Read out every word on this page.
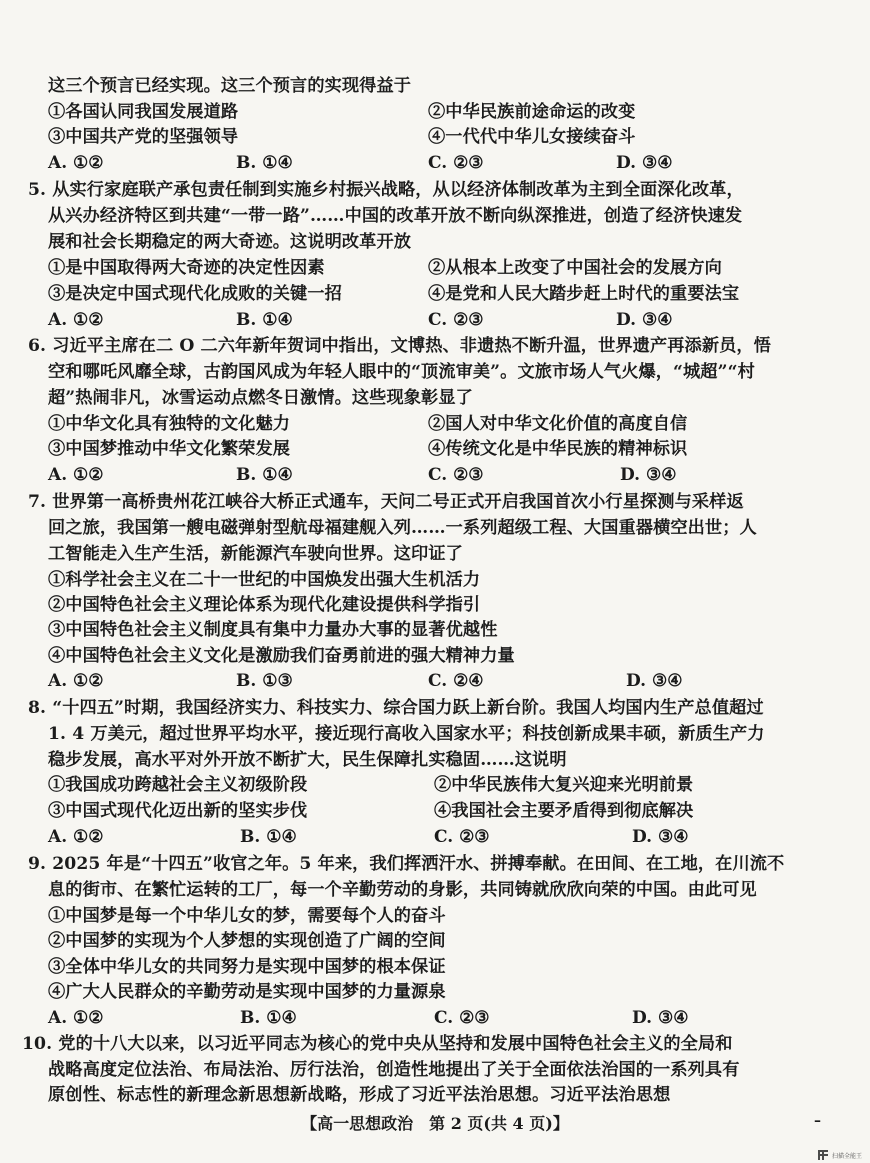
这三个预言已经实现。这三个预言的实现得益于
①各国认同我国发展道路	②中华民族前途命运的改变
③中国共产党的坚强领导	④一代代中华儿女接续奋斗
A. ①②	B. ①④	C. ②③	D. ③④
5. 从实行家庭联产承包责任制到实施乡村振兴战略，从以经济体制改革为主到全面深化改革，
从兴办经济特区到共建“一带一路”……中国的改革开放不断向纵深推进，创造了经济快速发
展和社会长期稳定的两大奇迹。这说明改革开放
①是中国取得两大奇迹的决定性因素	②从根本上改变了中国社会的发展方向
③是决定中国式现代化成败的关键一招	④是党和人民大踏步赶上时代的重要法宝
A. ①②	B. ①④	C. ②③	D. ③④
6. 习近平主席在二 O 二六年新年贺词中指出，文博热、非遗热不断升温，世界遗产再添新员，悟
空和哪吒风靡全球，古韵国风成为年轻人眼中的“顶流审美”。文旅市场人气火爆，“城超”“村
超”热闹非凡，冰雪运动点燃冬日激情。这些现象彰显了
①中华文化具有独特的文化魅力	②国人对中华文化价值的高度自信
③中国梦推动中华文化繁荣发展	④传统文化是中华民族的精神标识
A. ①②	B. ①④	C. ②③	D. ③④
7. 世界第一高桥贵州花江峡谷大桥正式通车，天问二号正式开启我国首次小行星探测与采样返
回之旅，我国第一艘电磁弹射型航母福建舰入列……一系列超级工程、大国重器横空出世；人
工智能走入生产生活，新能源汽车驶向世界。这印证了
①科学社会主义在二十一世纪的中国焕发出强大生机活力
②中国特色社会主义理论体系为现代化建设提供科学指引
③中国特色社会主义制度具有集中力量办大事的显著优越性
④中国特色社会主义文化是激励我们奋勇前进的强大精神力量
A. ①②	B. ①③	C. ②④	D. ③④
8. “十四五”时期，我国经济实力、科技实力、综合国力跃上新台阶。我国人均国内生产总值超过
1. 4 万美元，超过世界平均水平，接近现行高收入国家水平；科技创新成果丰硕，新质生产力
稳步发展，高水平对外开放不断扩大，民生保障扎实稳固……这说明
①我国成功跨越社会主义初级阶段	②中华民族伟大复兴迎来光明前景
③中国式现代化迈出新的坚实步伐	④我国社会主要矛盾得到彻底解决
A. ①②	B. ①④	C. ②③	D. ③④
9. 2025 年是“十四五”收官之年。5 年来，我们挥洒汗水、拼搏奉献。在田间、在工地，在川流不
息的街市、在繁忙运转的工厂，每一个辛勤劳动的身影，共同铸就欣欣向荣的中国。由此可见
①中国梦是每一个中华儿女的梦，需要每个人的奋斗
②中国梦的实现为个人梦想的实现创造了广阔的空间
③全体中华儿女的共同努力是实现中国梦的根本保证
④广大人民群众的辛勤劳动是实现中国梦的力量源泉
A. ①②	B. ①④	C. ②③	D. ③④
10. 党的十八大以来，以习近平同志为核心的党中央从坚持和发展中国特色社会主义的全局和
战略高度定位法治、布局法治、厉行法治，创造性地提出了关于全面依法治国的一系列具有
原创性、标志性的新理念新思想新战略，形成了习近平法治思想。习近平法治思想
【高一思想政治　第 2 页(共 4 页)】	–
扫描全能王
